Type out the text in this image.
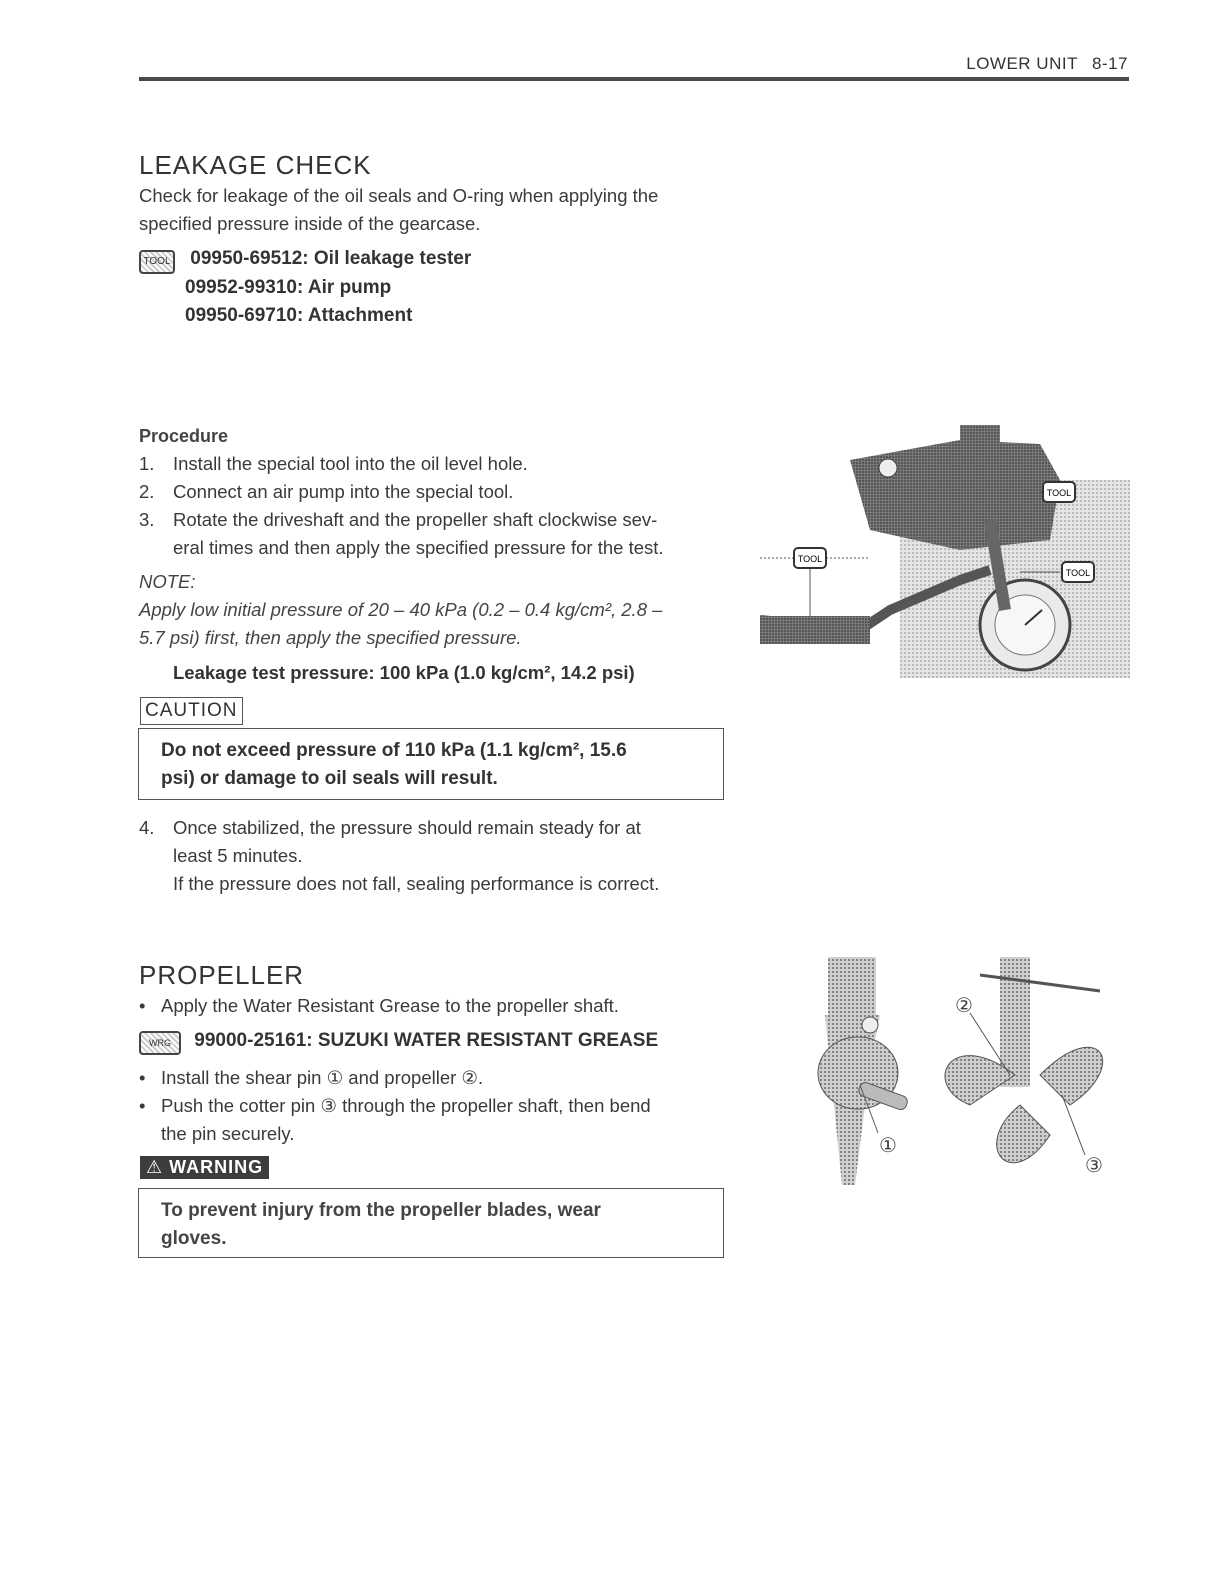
LOWER UNIT 8-17
LEAKAGE CHECK
Check for leakage of the oil seals and O-ring when applying the specified pressure inside of the gearcase.
TOOL 09950-69512: Oil leakage tester
09952-99310: Air pump
09950-69710: Attachment
Procedure
1. Install the special tool into the oil level hole.
2. Connect an air pump into the special tool.
3. Rotate the driveshaft and the propeller shaft clockwise sev-
eral times and then apply the specified pressure for the test.
NOTE:
Apply low initial pressure of 20 – 40 kPa (0.2 – 0.4 kg/cm², 2.8 –
5.7 psi) first, then apply the specified pressure.
Leakage test pressure: 100 kPa (1.0 kg/cm², 14.2 psi)
CAUTION
Do not exceed pressure of 110 kPa (1.1 kg/cm², 15.6
psi) or damage to oil seals will result.
4.	Once stabilized, the pressure should remain steady for at
least 5 minutes.
If the pressure does not fall, sealing performance is correct.
TOOL
TOOL
TOOL
PROPELLER
• Apply the Water Resistant Grease to the propeller shaft.
WRG 99000-25161: SUZUKI WATER RESISTANT GREASE
• Install the shear pin ① and propeller ②.
• Push the cotter pin ③ through the propeller shaft, then bend
the pin securely.
⚠ WARNING
To prevent injury from the propeller blades, wear
gloves.
①
②
③
